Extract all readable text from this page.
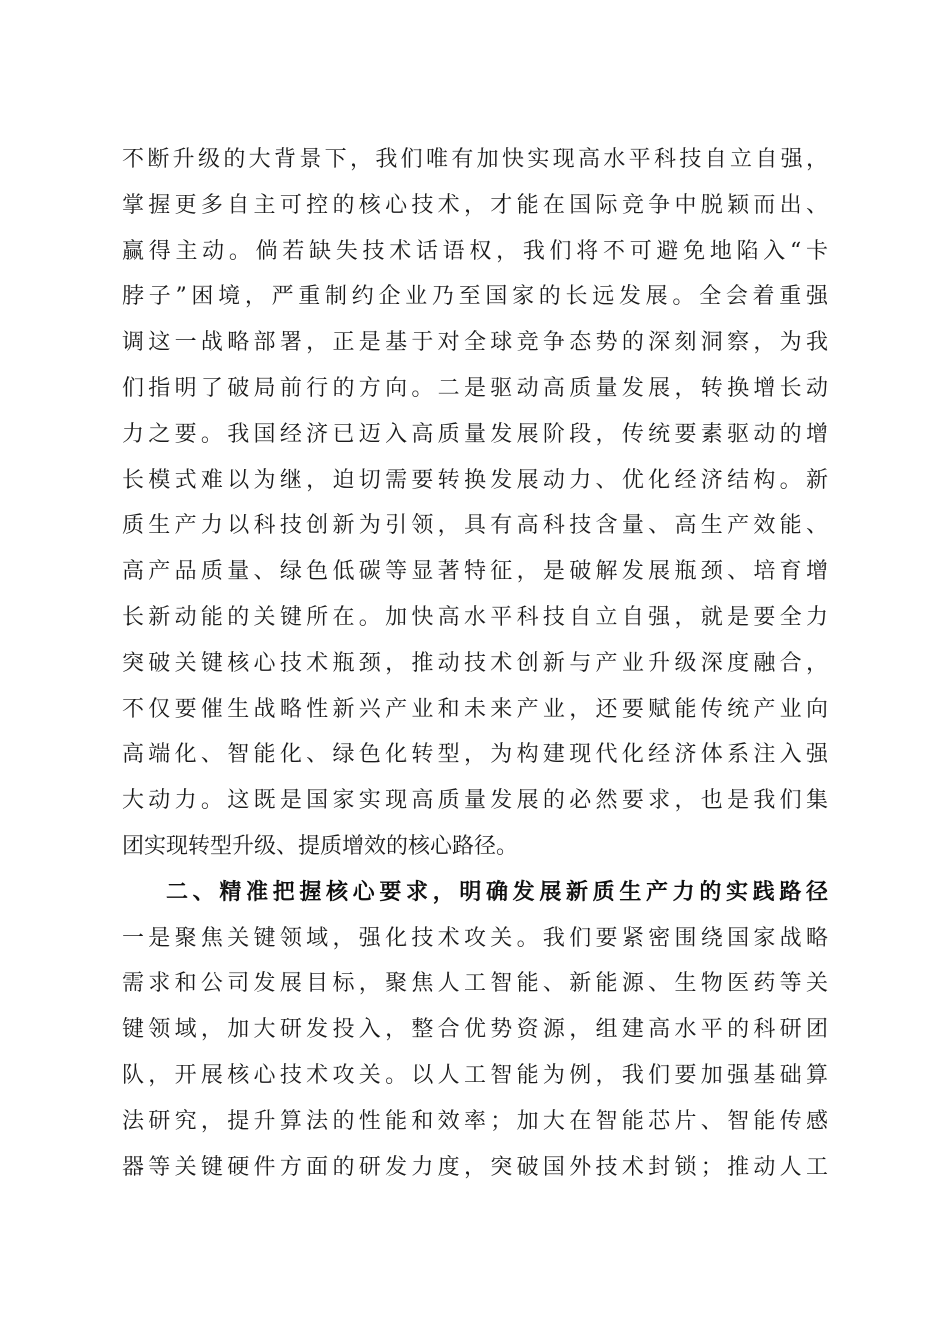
不断升级的大背景下，我们唯有加快实现高水平科技自立自强，
掌握更多自主可控的核心技术，才能在国际竞争中脱颖而出、
赢得主动。倘若缺失技术话语权，我们将不可避免地陷入“卡
脖子”困境，严重制约企业乃至国家的长远发展。全会着重强
调这一战略部署，正是基于对全球竞争态势的深刻洞察，为我
们指明了破局前行的方向。二是驱动高质量发展，转换增长动
力之要。我国经济已迈入高质量发展阶段，传统要素驱动的增
长模式难以为继，迫切需要转换发展动力、优化经济结构。新
质生产力以科技创新为引领，具有高科技含量、高生产效能、
高产品质量、绿色低碳等显著特征，是破解发展瓶颈、培育增
长新动能的关键所在。加快高水平科技自立自强，就是要全力
突破关键核心技术瓶颈，推动技术创新与产业升级深度融合，
不仅要催生战略性新兴产业和未来产业，还要赋能传统产业向
高端化、智能化、绿色化转型，为构建现代化经济体系注入强
大动力。这既是国家实现高质量发展的必然要求，也是我们集
团实现转型升级、提质增效的核心路径。
二、精准把握核心要求，明确发展新质生产力的实践路径
一是聚焦关键领域，强化技术攻关。我们要紧密围绕国家战略
需求和公司发展目标，聚焦人工智能、新能源、生物医药等关
键领域，加大研发投入，整合优势资源，组建高水平的科研团
队，开展核心技术攻关。以人工智能为例，我们要加强基础算
法研究，提升算法的性能和效率；加大在智能芯片、智能传感
器等关键硬件方面的研发力度，突破国外技术封锁；推动人工
